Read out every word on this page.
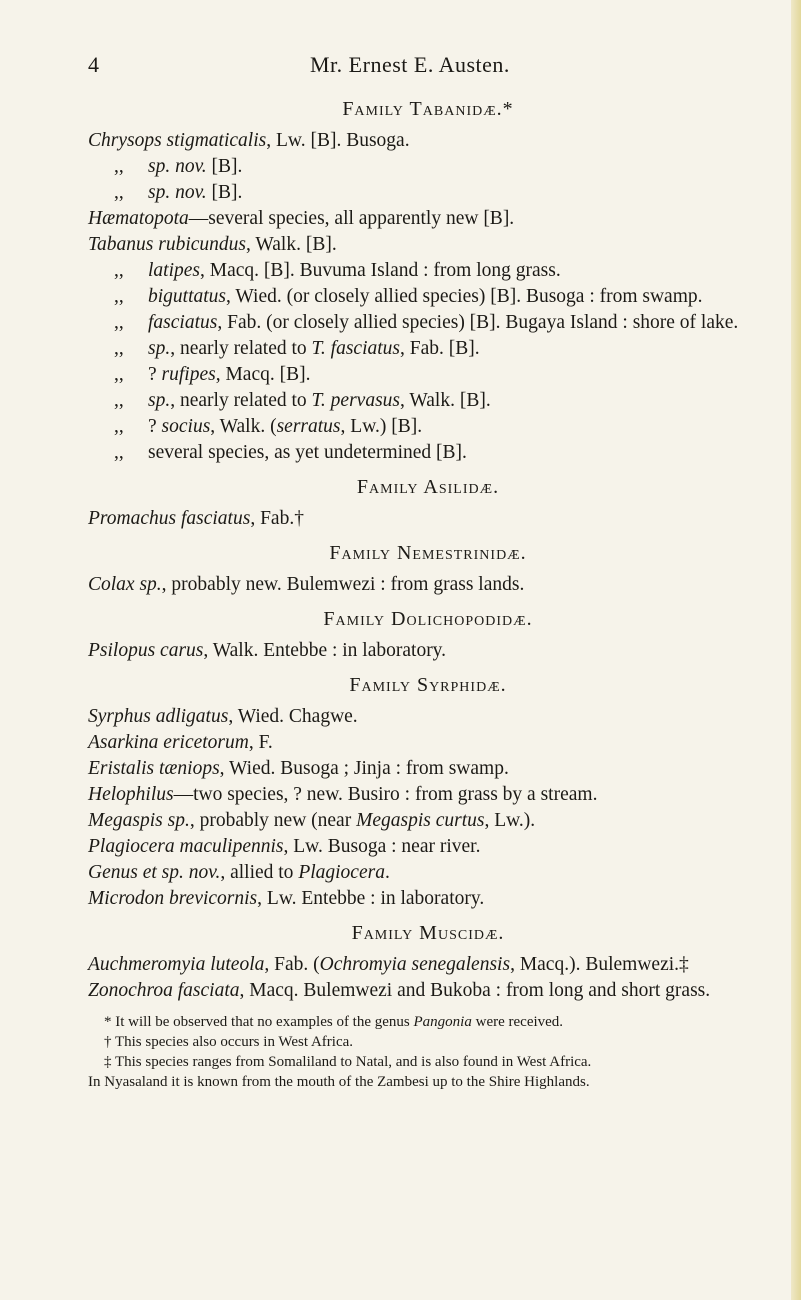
4	Mr. Ernest E. Austen.
Family Tabanidæ.*

Chrysops stigmaticalis, Lw. [B]. Busoga.

,, sp. nov. [B].

,, sp. nov. [B].

Hæmatopota—several species, all apparently new [B].

Tabanus rubicundus, Walk. [B].

,, latipes, Macq. [B]. Buvuma Island : from long grass.

,, biguttatus, Wied. (or closely allied species) [B]. Busoga : from swamp.

,, fasciatus, Fab. (or closely allied species) [B]. Bugaya Island : shore of lake.

,, sp., nearly related to T. fasciatus, Fab. [B].

,, ? rufipes, Macq. [B].

,, sp., nearly related to T. pervasus, Walk. [B].

,, ? socius, Walk. (serratus, Lw.) [B].

,, several species, as yet undetermined [B].

Family Asilidæ.

Promachus fasciatus, Fab.†

Family Nemestrinidæ.

Colax sp., probably new. Bulemwezi : from grass lands.

Family Dolichopodidæ.

Psilopus carus, Walk. Entebbe : in laboratory.

Family Syrphidæ.

Syrphus adligatus, Wied. Chagwe.

Asarkina ericetorum, F.

Eristalis tæniops, Wied. Busoga ; Jinja : from swamp.

Helophilus—two species, ? new. Busiro : from grass by a stream.

Megaspis sp., probably new (near Megaspis curtus, Lw.).

Plagiocera maculipennis, Lw. Busoga : near river.

Genus et sp. nov., allied to Plagiocera.

Microdon brevicornis, Lw. Entebbe : in laboratory.

Family Muscidæ.

Auchmeromyia luteola, Fab. (Ochromyia senegalensis, Macq.). Bulemwezi.‡

Zonochroa fasciata, Macq. Bulemwezi and Bukoba : from long and short grass.

* It will be observed that no examples of the genus Pangonia were received.

† This species also occurs in West Africa.

‡ This species ranges from Somaliland to Natal, and is also found in West Africa.

In Nyasaland it is known from the mouth of the Zambesi up to the Shire Highlands.
